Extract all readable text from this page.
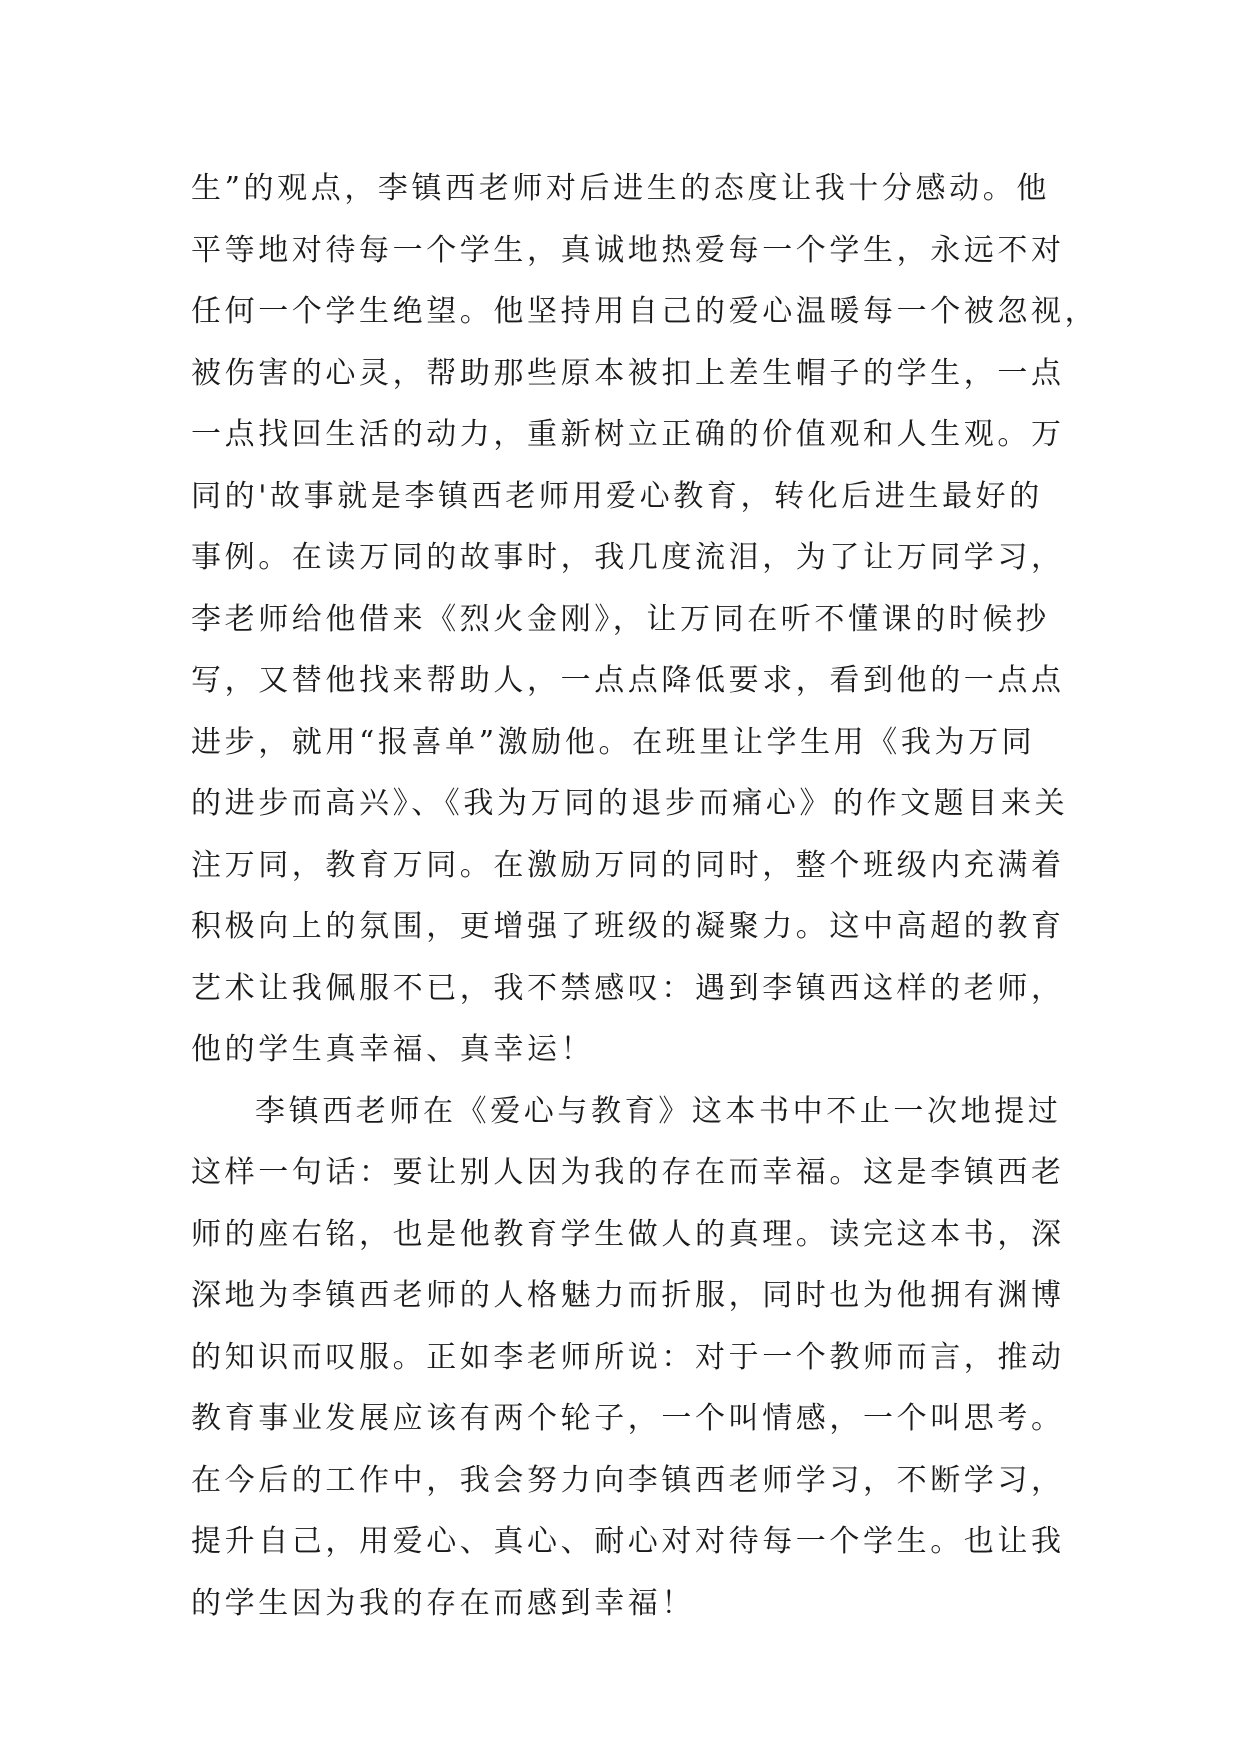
生”的观点，李镇西老师对后进生的态度让我十分感动。他
平等地对待每一个学生，真诚地热爱每一个学生，永远不对
任何一个学生绝望。他坚持用自己的爱心温暖每一个被忽视，
被伤害的心灵，帮助那些原本被扣上差生帽子的学生，一点
一点找回生活的动力，重新树立正确的价值观和人生观。万
同的'故事就是李镇西老师用爱心教育，转化后进生最好的
事例。在读万同的故事时，我几度流泪，为了让万同学习，
李老师给他借来《烈火金刚》，让万同在听不懂课的时候抄
写，又替他找来帮助人，一点点降低要求，看到他的一点点
进步，就用“报喜单”激励他。在班里让学生用《我为万同
的进步而高兴》、《我为万同的退步而痛心》的作文题目来关
注万同，教育万同。在激励万同的同时，整个班级内充满着
积极向上的氛围，更增强了班级的凝聚力。这中高超的教育
艺术让我佩服不已，我不禁感叹：遇到李镇西这样的老师，
他的学生真幸福、真幸运！
李镇西老师在《爱心与教育》这本书中不止一次地提过
这样一句话：要让别人因为我的存在而幸福。这是李镇西老
师的座右铭，也是他教育学生做人的真理。读完这本书，深
深地为李镇西老师的人格魅力而折服，同时也为他拥有渊博
的知识而叹服。正如李老师所说：对于一个教师而言，推动
教育事业发展应该有两个轮子，一个叫情感，一个叫思考。
在今后的工作中，我会努力向李镇西老师学习，不断学习，
提升自己，用爱心、真心、耐心对对待每一个学生。也让我
的学生因为我的存在而感到幸福！
